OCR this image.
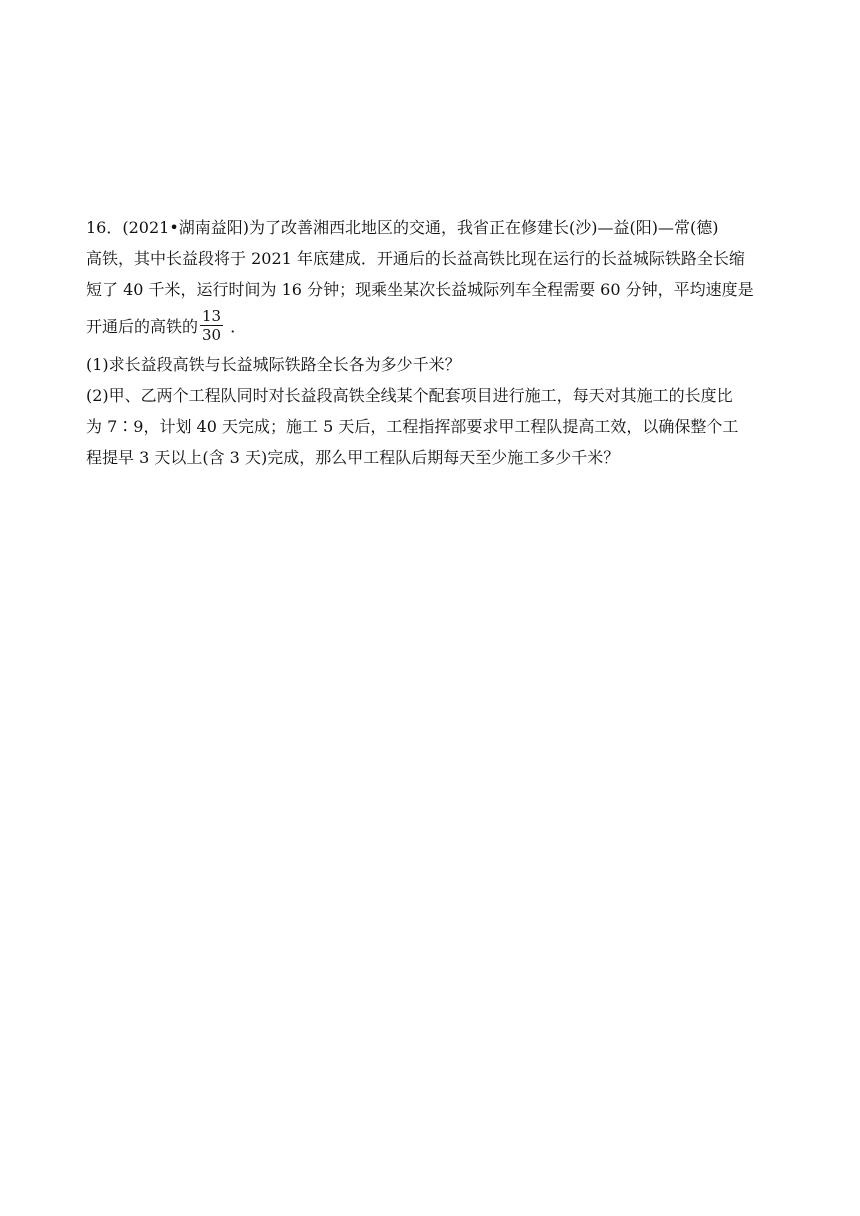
16．(2021•湖南益阳)为了改善湘西北地区的交通，我省正在修建长(沙)—益(阳)—常(德)
高铁，其中长益段将于 2021 年底建成．开通后的长益高铁比现在运行的长益城际铁路全长缩
短了 40 千米，运行时间为 16 分钟；现乘坐某次长益城际列车全程需要 60 分钟，平均速度是
开通后的高铁的 $\frac{13}{30}$ ．

(1)求长益段高铁与长益城际铁路全长各为多少千米？

(2)甲、乙两个工程队同时对长益段高铁全线某个配套项目进行施工，每天对其施工的长度比
为 7∶9，计划 40 天完成；施工 5 天后，工程指挥部要求甲工程队提高工效，以确保整个工
程提早 3 天以上(含 3 天)完成，那么甲工程队后期每天至少施工多少千米？
